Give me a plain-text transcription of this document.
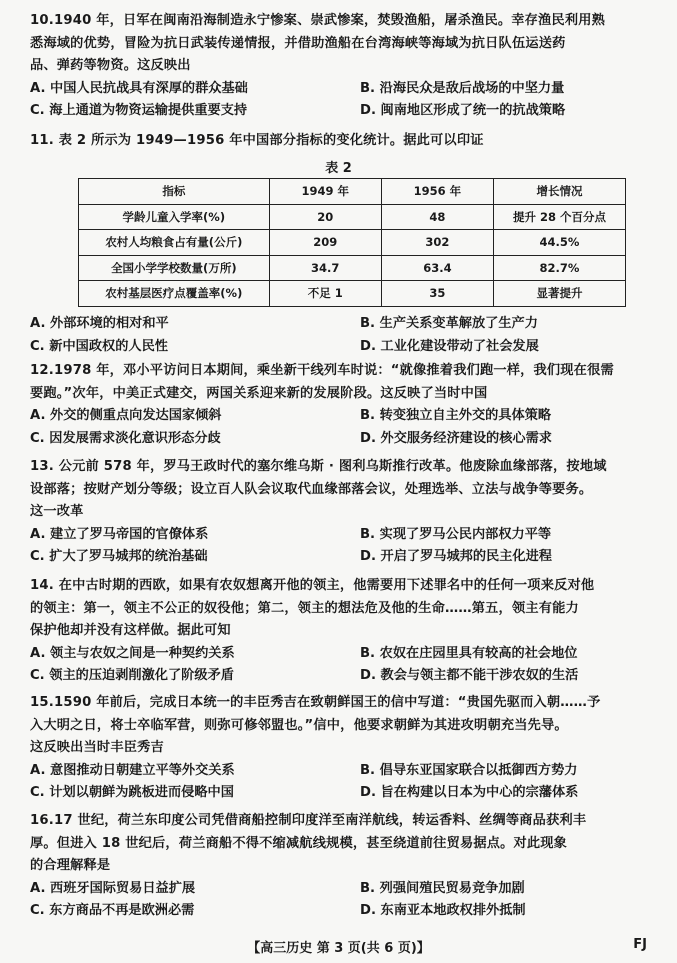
10.1940 年，日军在闽南沿海制造永宁惨案、崇武惨案，焚毁渔船，屠杀渔民。幸存渔民利用熟
悉海域的优势，冒险为抗日武装传递情报，并借助渔船在台湾海峡等海域为抗日队伍运送药
品、弹药等物资。这反映出
A. 中国人民抗战具有深厚的群众基础	B. 沿海民众是敌后战场的中坚力量
C. 海上通道为物资运输提供重要支持	D. 闽南地区形成了统一的抗战策略
11. 表 2 所示为 1949—1956 年中国部分指标的变化统计。据此可以印证
表 2
指标	1949 年	1956 年	增长情况
学龄儿童入学率(%)	20	48	提升 28 个百分点
农村人均粮食占有量(公斤)	209	302	44.5%
全国小学学校数量(万所)	34.7	63.4	82.7%
农村基层医疗点覆盖率(%)	不足 1	35	显著提升
A. 外部环境的相对和平	B. 生产关系变革解放了生产力
C. 新中国政权的人民性	D. 工业化建设带动了社会发展
12.1978 年，邓小平访问日本期间，乘坐新干线列车时说：“就像推着我们跑一样，我们现在很需
要跑。”次年，中美正式建交，两国关系迎来新的发展阶段。这反映了当时中国
A. 外交的侧重点向发达国家倾斜	B. 转变独立自主外交的具体策略
C. 因发展需求淡化意识形态分歧	D. 外交服务经济建设的核心需求
13. 公元前 578 年，罗马王政时代的塞尔维乌斯 · 图利乌斯推行改革。他废除血缘部落，按地域
设部落；按财产划分等级；设立百人队会议取代血缘部落会议，处理选举、立法与战争等要务。
这一改革
A. 建立了罗马帝国的官僚体系	B. 实现了罗马公民内部权力平等
C. 扩大了罗马城邦的统治基础	D. 开启了罗马城邦的民主化进程
14. 在中古时期的西欧，如果有农奴想离开他的领主，他需要用下述罪名中的任何一项来反对他
的领主：第一，领主不公正的奴役他；第二，领主的想法危及他的生命……第五，领主有能力
保护他却并没有这样做。据此可知
A. 领主与农奴之间是一种契约关系	B. 农奴在庄园里具有较高的社会地位
C. 领主的压迫剥削激化了阶级矛盾	D. 教会与领主都不能干涉农奴的生活
15.1590 年前后，完成日本统一的丰臣秀吉在致朝鲜国王的信中写道：“贵国先驱而入朝……予
入大明之日，将士卒临军营，则弥可修邻盟也。”信中，他要求朝鲜为其进攻明朝充当先导。
这反映出当时丰臣秀吉
A. 意图推动日朝建立平等外交关系	B. 倡导东亚国家联合以抵御西方势力
C. 计划以朝鲜为跳板进而侵略中国	D. 旨在构建以日本为中心的宗藩体系
16.17 世纪，荷兰东印度公司凭借商船控制印度洋至南洋航线，转运香料、丝绸等商品获利丰
厚。但进入 18 世纪后，荷兰商船不得不缩减航线规模，甚至绕道前往贸易据点。对此现象
的合理解释是
A. 西班牙国际贸易日益扩展	B. 列强间殖民贸易竞争加剧
C. 东方商品不再是欧洲必需	D. 东南亚本地政权排外抵制
【高三历史 第 3 页(共 6 页)】	FJ
